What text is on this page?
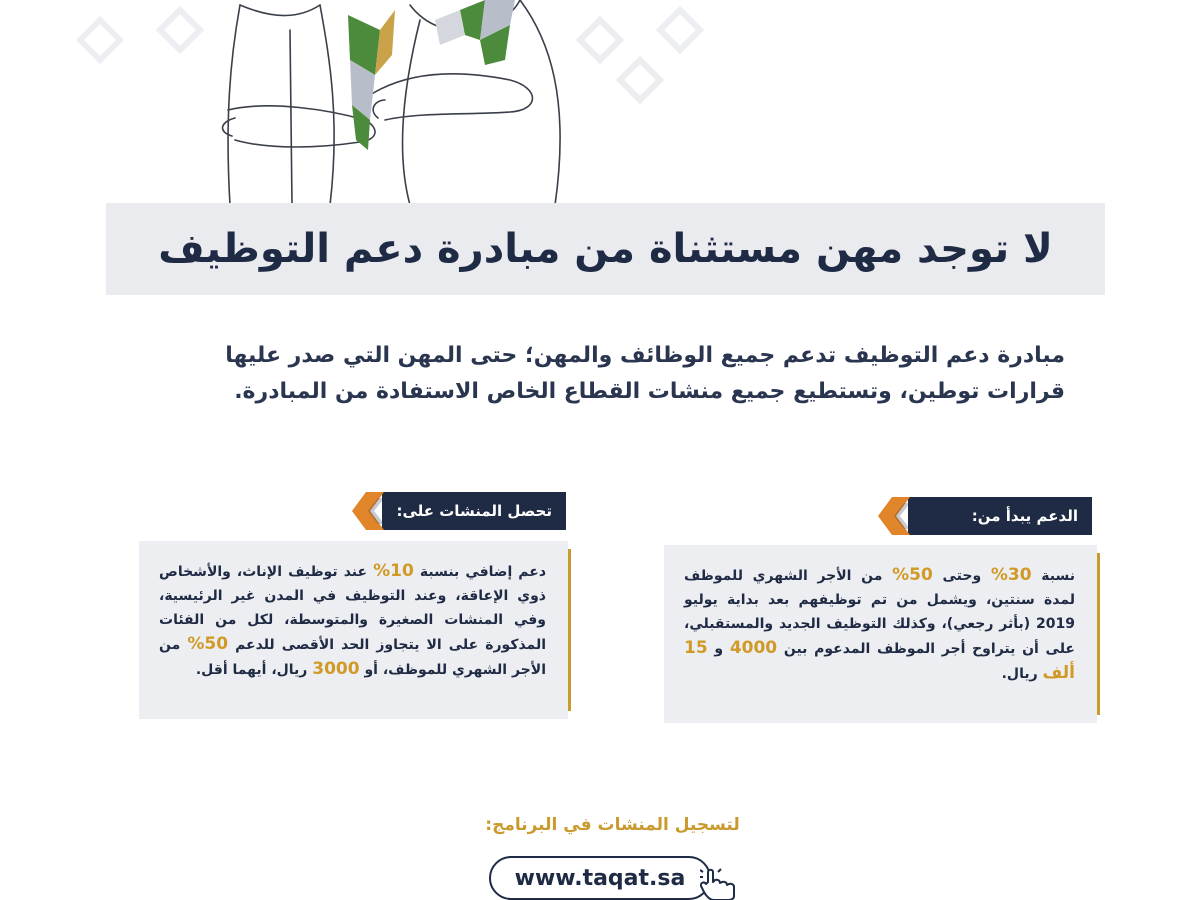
لا توجد مهن مستثناة من مبادرة دعم التوظيف
مبادرة دعم التوظيف تدعم جميع الوظائف والمهن؛ حتى المهن التي صدر عليها قرارات توطين، وتستطيع جميع منشات القطاع الخاص الاستفادة من المبادرة.
الدعم يبدأ من:
نسبة 30% وحتى 50% من الأجر الشهري للموظف لمدة سنتين، ويشمل من تم توظيفهم بعد بداية يوليو 2019 (بأثر رجعي)، وكذلك التوظيف الجديد والمستقبلي، على أن يتراوح أجر الموظف المدعوم بين 4000 و 15 ألف ريال.
تحصل المنشات على:
دعم إضافي بنسبة 10% عند توظيف الإناث، والأشخاص ذوي الإعاقة، وعند التوظيف في المدن غير الرئيسية، وفي المنشات الصغيرة والمتوسطة، لكل من الفئات المذكورة على الا يتجاوز الحد الأقصى للدعم 50% من الأجر الشهري للموظف، أو 3000 ريال، أيهما أقل.
لتسجيل المنشات في البرنامج:
www.taqat.sa
